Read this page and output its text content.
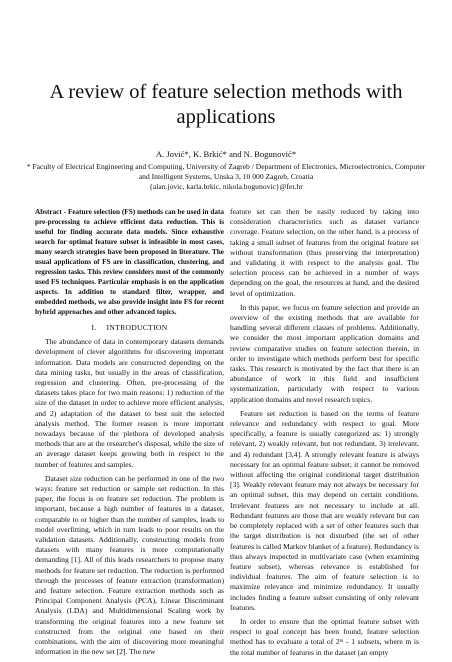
A review of feature selection methods with applications
A. Jović*, K. Brkić* and N. Bogunović*
* Faculty of Electrical Engineering and Computing, University of Zagreb / Department of Electronics, Microelectronics, Computer and Intelligent Systems, Unska 3, 10 000 Zagreb, Croatia
{alan.jovic, karla.brkic, nikola.bogunovic}@fer.hr

Abstract - Feature selection (FS) methods can be used in data pre-processing to achieve efficient data reduction. This is useful for finding accurate data models. Since exhaustive search for optimal feature subset is infeasible in most cases, many search strategies have been proposed in literature. The usual applications of FS are in classification, clustering, and regression tasks. This review considers most of the commonly used FS techniques. Particular emphasis is on the application aspects. In addition to standard filter, wrapper, and embedded methods, we also provide insight into FS for recent hybrid approaches and other advanced topics.

I. INTRODUCTION

The abundance of data in contemporary datasets demands development of clever algorithms for discovering important information. Data models are constructed depending on the data mining tasks, but usually in the areas of classification, regression and clustering. Often, pre-processing of the datasets takes place for two main reasons: 1) reduction of the size of the dataset in order to achieve more efficient analysis, and 2) adaptation of the dataset to best suit the selected analysis method. The former reason is more important nowadays because of the plethora of developed analysis methods that are at the researcher's disposal, while the size of an average dataset keeps growing both in respect to the number of features and samples.

Dataset size reduction can be performed in one of the two ways: feature set reduction or sample set reduction. In this paper, the focus is on feature set reduction. The problem is important, because a high number of features in a dataset, comparable to or higher than the number of samples, leads to model overfitting, which in turn leads to poor results on the validation datasets. Additionally, constructing models from datasets with many features is more computationally demanding [1]. All of this leads researchers to propose many methods for feature set reduction. The reduction is performed through the processes of feature extraction (transformation) and feature selection. Feature extraction methods such as Principal Component Analysis (PCA), Linear Discriminant Analysis (LDA) and Multidimensional Scaling work by transforming the original features into a new feature set constructed from the original one based on their combinations, with the aim of discovering more meaningful information in the new set [2]. The new

feature set can then be easily reduced by taking into consideration characteristics such as dataset variance coverage. Feature selection, on the other hand, is a process of taking a small subset of features from the original feature set without transformation (thus preserving the interpretation) and validating it with respect to the analysis goal. The selection process can be achieved in a number of ways depending on the goal, the resources at hand, and the desired level of optimization.

In this paper, we focus on feature selection and provide an overview of the existing methods that are available for handling several different classes of problems. Additionally, we consider the most important application domains and review comparative studies on feature selection therein, in order to investigate which methods perform best for specific tasks. This research is motivated by the fact that there is an abundance of work in this field and insufficient systematization, particularly with respect to various application domains and novel research topics.

Feature set reduction is based on the terms of feature relevance and redundancy with respect to goal. More specifically, a feature is usually categorized as: 1) strongly relevant, 2) weakly relevant, but not redundant, 3) irrelevant, and 4) redundant [3,4]. A strongly relevant feature is always necessary for an optimal feature subset; it cannot be removed without affecting the original conditional target distribution [3]. Weakly relevant feature may not always be necessary for an optimal subset, this may depend on certain conditions. Irrelevant features are not necessary to include at all. Redundant features are those that are weakly relevant but can be completely replaced with a set of other features such that the target distribution is not disturbed (the set of other features is called Markov blanket of a feature). Redundancy is thus always inspected in multivariate case (when examining feature subset), whereas relevance is established for individual features. The aim of feature selection is to maximize relevance and minimize redundancy. It usually includes finding a feature subset consisting of only relevant features.

In order to ensure that the optimal feature subset with respect to goal concept has been found, feature selection method has to evaluate a total of 2ᵐ - 1 subsets, where m is the total number of features in the dataset (an empty
